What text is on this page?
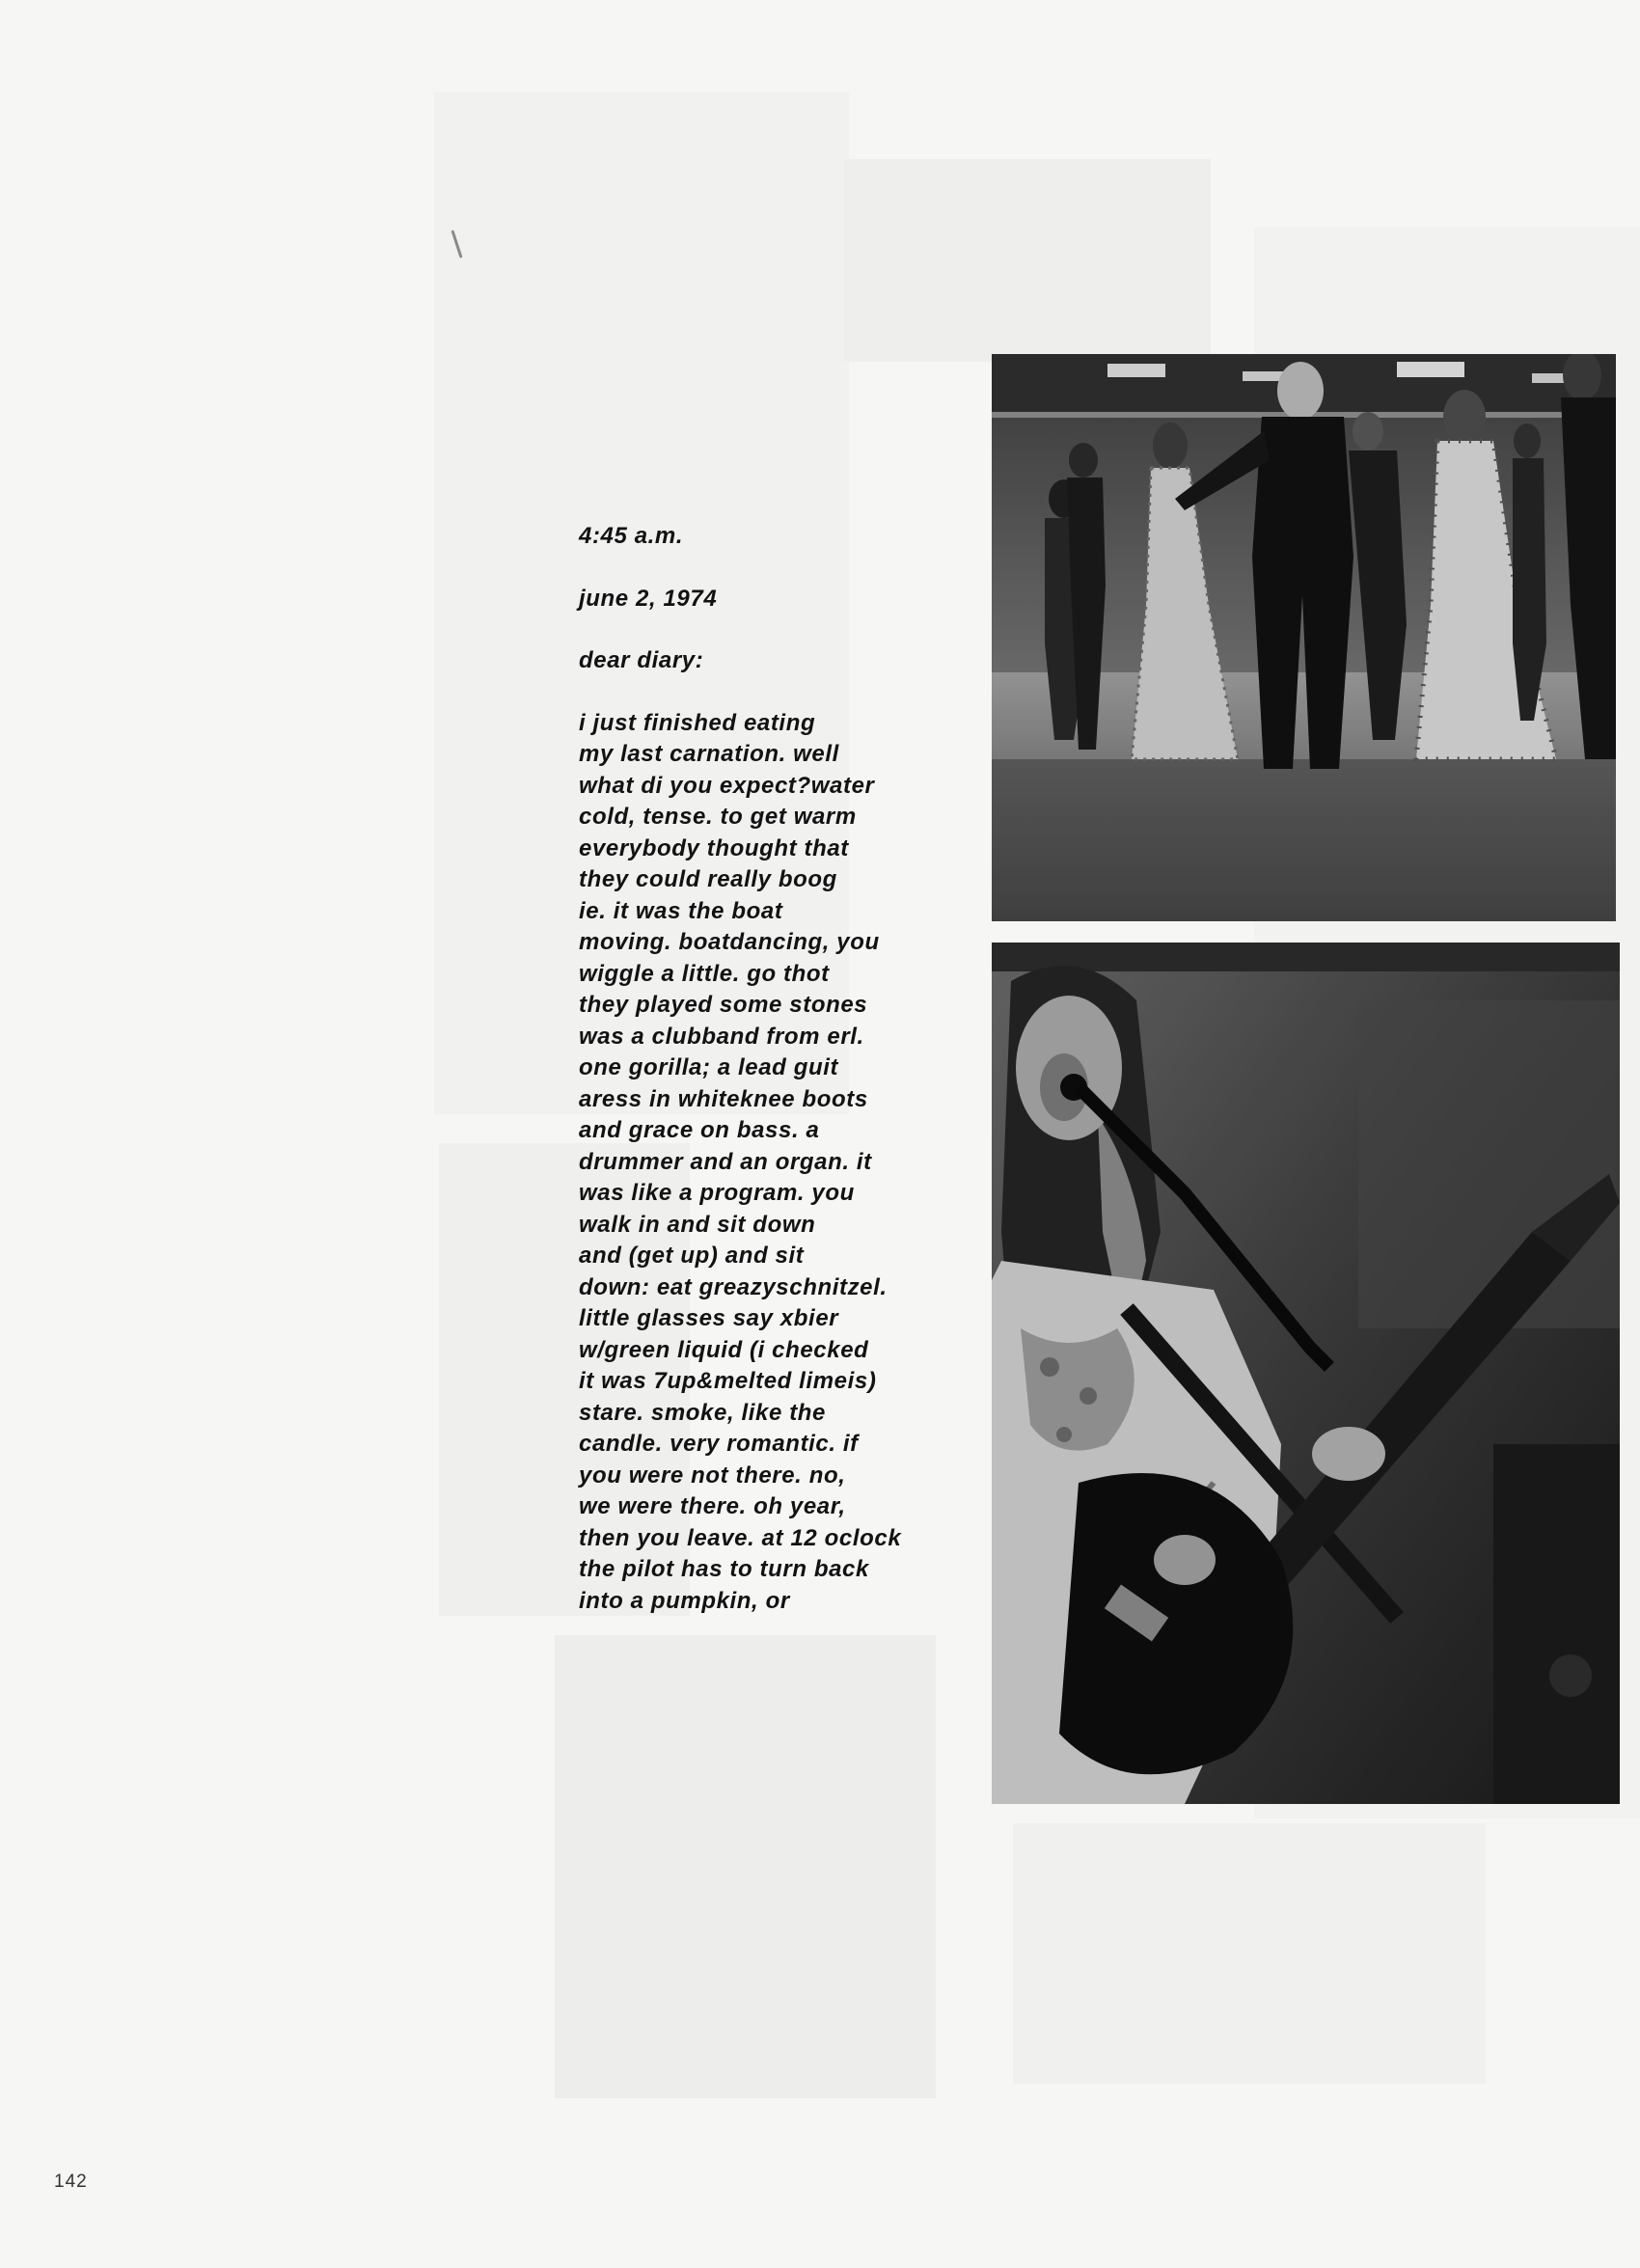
4:45 a.m.

june 2, 1974

dear diary:

i just finished eating

my last carnation. well

what di you expect?water

cold, tense. to get warm

everybody thought that

they could really boog

ie. it was the boat

moving. boatdancing, you

wiggle a little. go thot

they played some stones

was a clubband from erl.

one gorilla; a lead guit

aress in whiteknee boots

and grace on bass. a

drummer and an organ. it

was like a program. you

walk in and sit down

and (get up) and sit

down: eat greazyschnitzel.

little glasses say xbier

w/green liquid (i checked

it was 7up&melted limeis)

stare. smoke, like the

candle. very romantic. if

you were not there. no,

we were there. oh year,

then you leave. at 12 oclock

the pilot has to turn back

into a pumpkin, or

142
